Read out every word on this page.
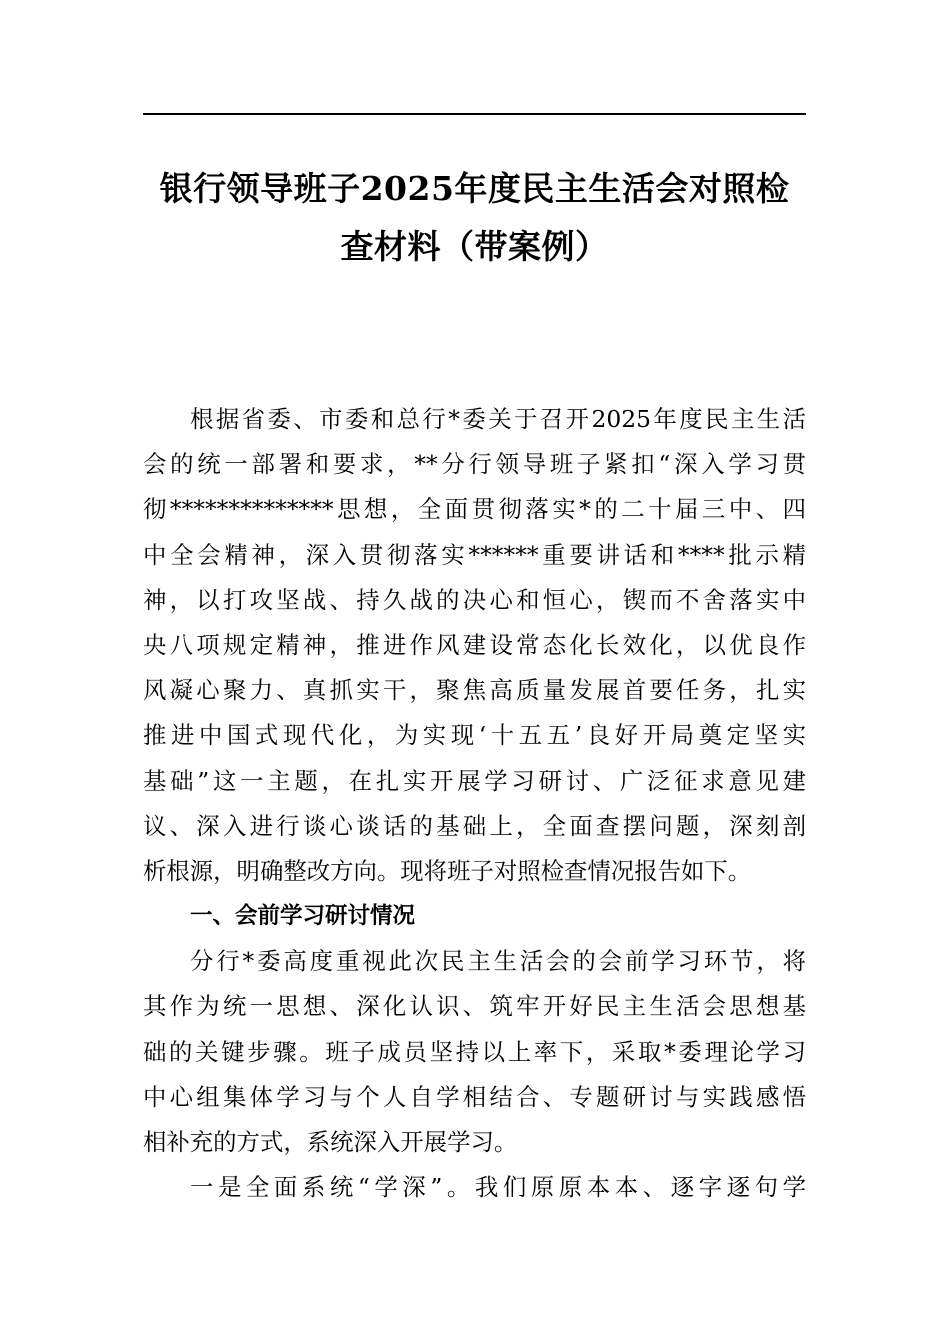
银行领导班子2025年度民主生活会对照检
查材料（带案例）

根据省委、市委和总行*委关于召开2025年度民主生活
会的统一部署和要求，**分行领导班子紧扣“深入学习贯
彻**************思想，全面贯彻落实*的二十届三中、四
中全会精神，深入贯彻落实******重要讲话和****批示精
神，以打攻坚战、持久战的决心和恒心，锲而不舍落实中
央八项规定精神，推进作风建设常态化长效化，以优良作
风凝心聚力、真抓实干，聚焦高质量发展首要任务，扎实
推进中国式现代化，为实现‘十五五’良好开局奠定坚实
基础”这一主题，在扎实开展学习研讨、广泛征求意见建
议、深入进行谈心谈话的基础上，全面查摆问题，深刻剖
析根源，明确整改方向。现将班子对照检查情况报告如下。

一、会前学习研讨情况

分行*委高度重视此次民主生活会的会前学习环节，将
其作为统一思想、深化认识、筑牢开好民主生活会思想基
础的关键步骤。班子成员坚持以上率下，采取*委理论学习
中心组集体学习与个人自学相结合、专题研讨与实践感悟
相补充的方式，系统深入开展学习。

一是全面系统“学深”。我们原原本本、逐字逐句学
